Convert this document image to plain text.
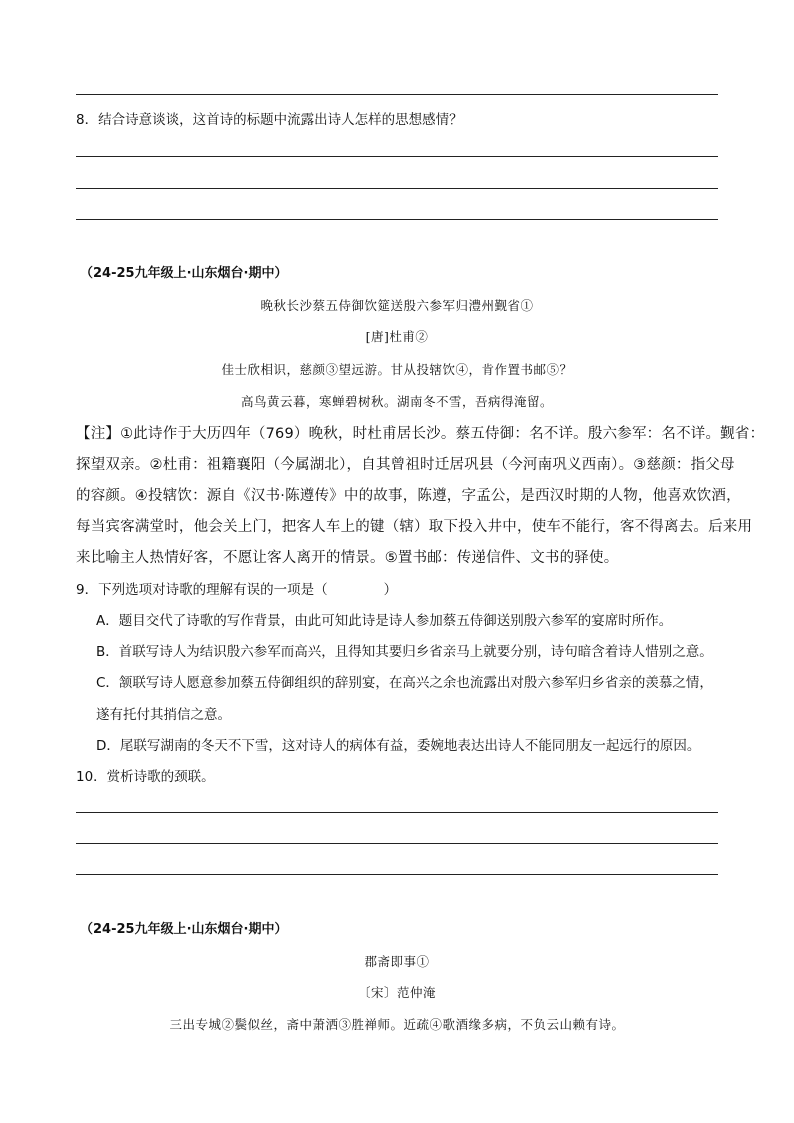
8．结合诗意谈谈，这首诗的标题中流露出诗人怎样的思想感情？
（24-25九年级上·山东烟台·期中）
晚秋长沙蔡五侍御饮筵送殷六参军归澧州觐省①
[唐]杜甫②
佳士欣相识，慈颜③望远游。甘从投辖饮④，肯作置书邮⑤？
高鸟黄云暮，寒蝉碧树秋。湖南冬不雪，吾病得淹留。
【注】①此诗作于大历四年（769）晚秋，时杜甫居长沙。蔡五侍御：名不详。殷六参军：名不详。觐省：
探望双亲。②杜甫：祖籍襄阳（今属湖北），自其曾祖时迁居巩县（今河南巩义西南）。③慈颜：指父母
的容颜。④投辖饮：源自《汉书·陈遵传》中的故事，陈遵，字孟公，是西汉时期的人物，他喜欢饮酒，
每当宾客满堂时，他会关上门，把客人车上的键（辖）取下投入井中，使车不能行，客不得离去。后来用
来比喻主人热情好客，不愿让客人离开的情景。⑤置书邮：传递信件、文书的驿使。
9．下列选项对诗歌的理解有误的一项是（	）
A．题目交代了诗歌的写作背景，由此可知此诗是诗人参加蔡五侍御送别殷六参军的宴席时所作。
B．首联写诗人为结识殷六参军而高兴，且得知其要归乡省亲马上就要分别，诗句暗含着诗人惜别之意。
C．颔联写诗人愿意参加蔡五侍御组织的辞别宴，在高兴之余也流露出对殷六参军归乡省亲的羡慕之情，
遂有托付其捎信之意。
D．尾联写湖南的冬天不下雪，这对诗人的病体有益，委婉地表达出诗人不能同朋友一起远行的原因。
10．赏析诗歌的颈联。
（24-25九年级上·山东烟台·期中）
郡斋即事①
〔宋〕范仲淹
三出专城②鬓似丝，斋中萧洒③胜禅师。近疏④歌酒缘多病，不负云山赖有诗。
